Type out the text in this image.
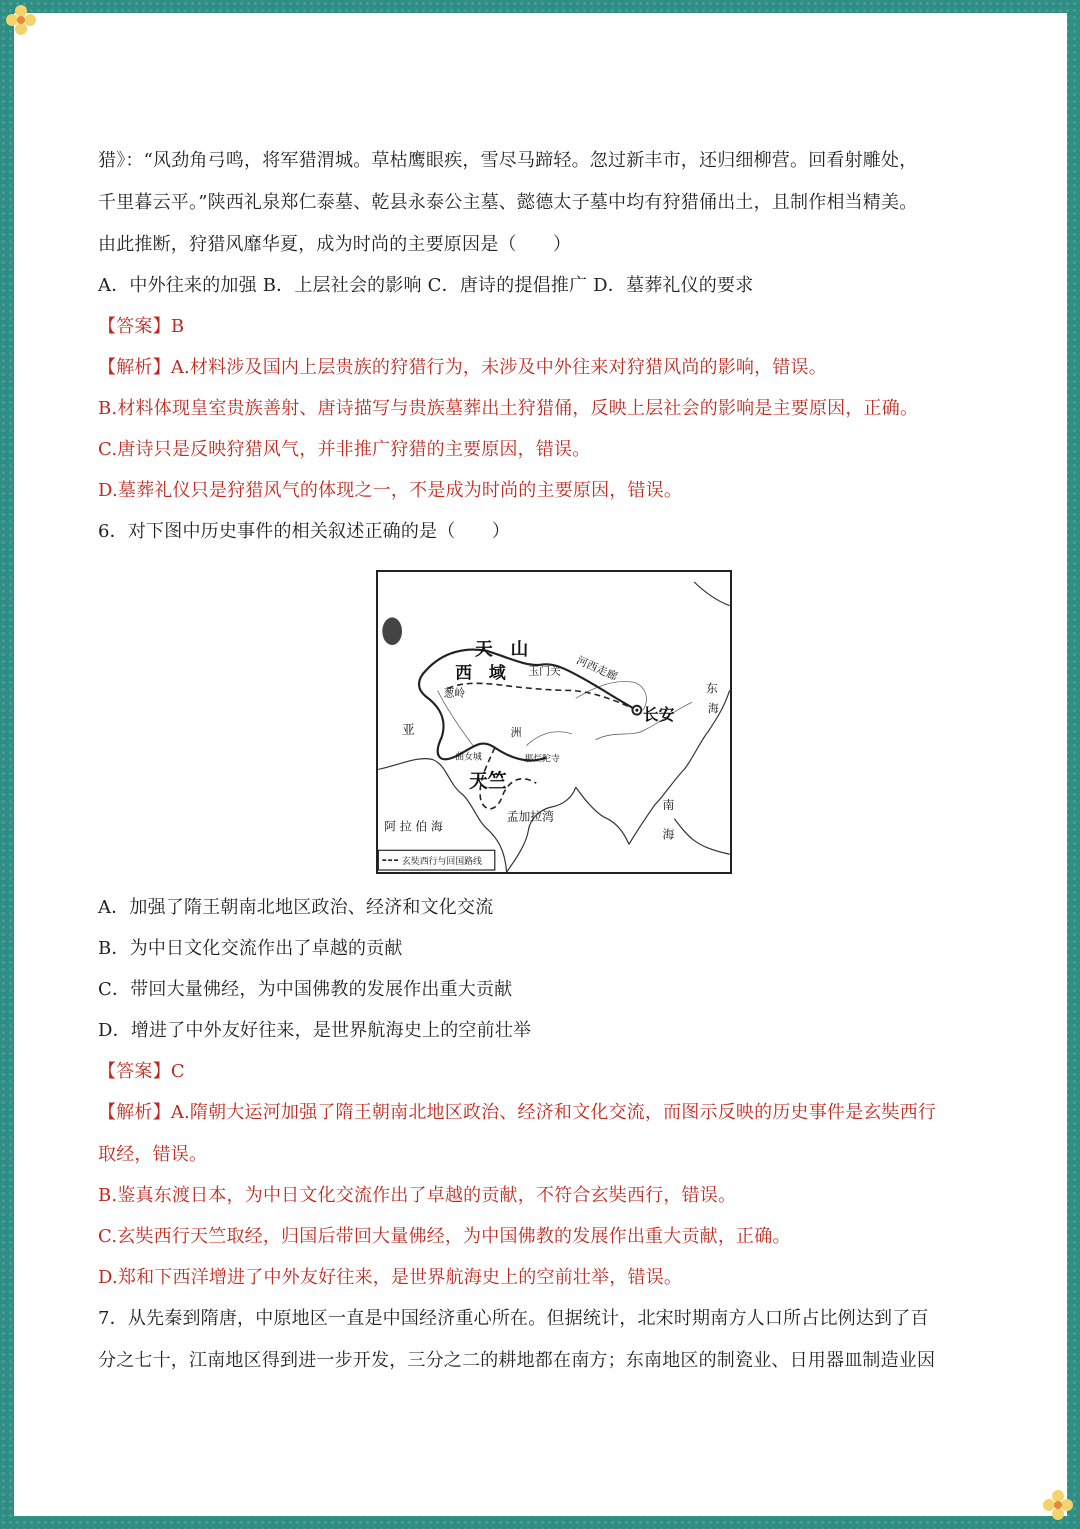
猎》：“风劲角弓鸣，将军猎渭城。草枯鹰眼疾，雪尽马蹄轻。忽过新丰市，还归细柳营。回看射雕处，
千里暮云平。”陕西礼泉郑仁泰墓、乾县永泰公主墓、懿德太子墓中均有狩猎俑出土，且制作相当精美。
由此推断，狩猎风靡华夏，成为时尚的主要原因是（　　）
A．中外往来的加强 B．上层社会的影响 C．唐诗的提倡推广 D．墓葬礼仪的要求
【答案】B
【解析】A.材料涉及国内上层贵族的狩猎行为，未涉及中外往来对狩猎风尚的影响，错误。
B.材料体现皇室贵族善射、唐诗描写与贵族墓葬出土狩猎俑，反映上层社会的影响是主要原因，正确。
C.唐诗只是反映狩猎风气，并非推广狩猎的主要原因，错误。
D.墓葬礼仪只是狩猎风气的体现之一，不是成为时尚的主要原因，错误。
6．对下图中历史事件的相关叙述正确的是（　　）
天　山
西　域 玉门关 河西走廊
葱岭
长安
东
海
亚	洲
曲女城	那烂陀寺
天竺
孟加拉湾
阿 拉 伯 海
南
海
玄奘西行与回国路线
A．加强了隋王朝南北地区政治、经济和文化交流
B．为中日文化交流作出了卓越的贡献
C．带回大量佛经，为中国佛教的发展作出重大贡献
D．增进了中外友好往来，是世界航海史上的空前壮举
【答案】C
【解析】A.隋朝大运河加强了隋王朝南北地区政治、经济和文化交流，而图示反映的历史事件是玄奘西行
取经，错误。
B.鉴真东渡日本，为中日文化交流作出了卓越的贡献，不符合玄奘西行，错误。
C.玄奘西行天竺取经，归国后带回大量佛经，为中国佛教的发展作出重大贡献，正确。
D.郑和下西洋增进了中外友好往来，是世界航海史上的空前壮举，错误。
7．从先秦到隋唐，中原地区一直是中国经济重心所在。但据统计，北宋时期南方人口所占比例达到了百
分之七十，江南地区得到进一步开发，三分之二的耕地都在南方；东南地区的制瓷业、日用器皿制造业因
